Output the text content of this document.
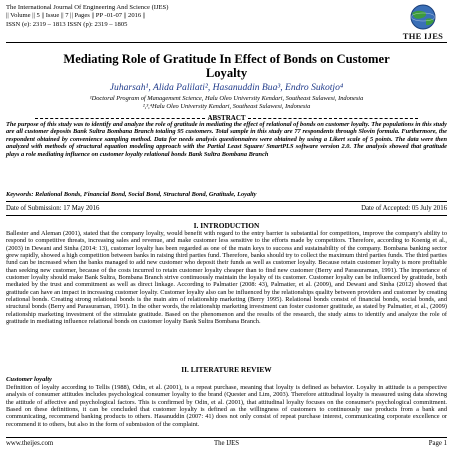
The International Journal Of Engineering And Science (IJES)
|| Volume || 5 || Issue || 7 || Pages || PP -01-07 || 2016 ||
ISSN (e): 2319 – 1813 ISSN (p): 2319 – 1805
THE IJES
Mediating Role of Gratitude In Effect of Bonds on Customer
Loyalty
Juharsah¹, Alida Palilati², Hasanuddin Bua³, Endro Sukotjo⁴
¹Doctoral Program of Management Science, Halu Oleo University Kendari, Southeast Sulawesi, Indonesia
²,³,⁴Halu Oleo University Kendari, Southeast Sulawesi, Indonesia
ABSTRACT
The purpose of this study was to identify and analyze the role of gratitude in mediating the effect of relational of bonds on customer loyalty. The populations in this study are all customer deposits Bank Sultra Bombana Branch totaling 95 customers. Total sample in this study are 77 respondents through Slovin formula. Furthermore, the respondent obtained by convenience sampling method. Data for needs analysis questionnaires were obtained by using a Likert scale of 5 points. The data were then analyzed with methods of structural equation modeling approach with the Partial Least Square/ SmartPLS software version 2.0. The analysis showed that gratitude plays a role mediating influence on customer loyalty relational bonds Bank Sultra Bombana Branch
Keywords: Relational Bonds, Financial Bond, Social Bond, Structural Bond, Gratitude, Loyalty
Date of Submission: 17 May 2016	Date of Accepted: 05 July 2016
I. INTRODUCTION
Ballester and Aleman (2001), stated that the company loyalty, would benefit with regard to the entry barrier is substantial for competitors, improve the company's ability to respond to competitive threats, increasing sales and revenue, and make customer less sensitive to the efforts made by competitors. Therefore, according to Koenig et al., (2003) in Dewani and Sinha (2014: 13), customer loyalty has been regarded as one of the main keys to success and sustainability of the company. Bombana banking sector grew rapidly, showed a high competition between banks in raising third parties fund. Therefore, banks should try to collect the maximum third parties funds. The third parties fund can be increased when the banks managed to add new customer who deposit their funds as well as customer loyalty. Because retain customer loyalty is more profitable than seeking new customer, because of the costs incurred to retain customer loyalty cheaper than to find new customer (Berry and Parasuraman, 1991). The importance of customer loyalty should make Bank Sultra, Bombana Branch strive continuously maintain the loyalty of its customer. Customer loyalty can be influenced by gratitude, both mediated by the trust and commitment as well as direct linkage. According to Palmatier (2008: 43), Palmatier, et al. (2009), and Dewani and Sinha (2012) showed that gratitude can have an impact in increasing customer loyalty. Customer loyalty also can be influenced by the relationships quality between providers and customer by creating relational bonds. Creating strong relational bonds is the main aim of relationship marketing (Berry 1995). Relational bonds consist of financial bonds, social bonds, and structural bonds (Berry and Parasuraman, 1991). In the other words, the relationship marketing investment can foster customer gratitude, as stated by Palmatier, et al., (2009) relationship marketing investment of the stimulate gratitude. Based on the phenomenon and the results of the research, the study aims to identify and analyze the role of gratitude in mediating influence relational bonds on customer loyalty Bank Sultra Bombana Branch.
II. LITERATURE REVIEW
Customer loyalty
Definition of loyalty according to Tellis (1988), Odin, et al. (2001), is a repeat purchase, meaning that loyalty is defined as behavior. Loyalty in attitude is a perspective analysis of consumer attitudes includes psychological consumer loyalty to the brand (Quester and Lim, 2003). Therefore attitudinal loyalty is measured using data showing the attitude of affective and psychological factors. This is confirmed by Odin, et al. (2001), that attitudinal loyalty focuses on the consumer's psychological commitment. Based on these definitions, it can be concluded that customer loyalty is defined as the willingness of customers to continuously use products from a bank and communicating, recommend banking products to others. Hasanuddin (2007: 41) does not only consist of repeat purchase interest, communicating corporate excellence or recommend it to others, but also in the form of submission of the complaint.
www.theijes.com	The IJES	Page 1
